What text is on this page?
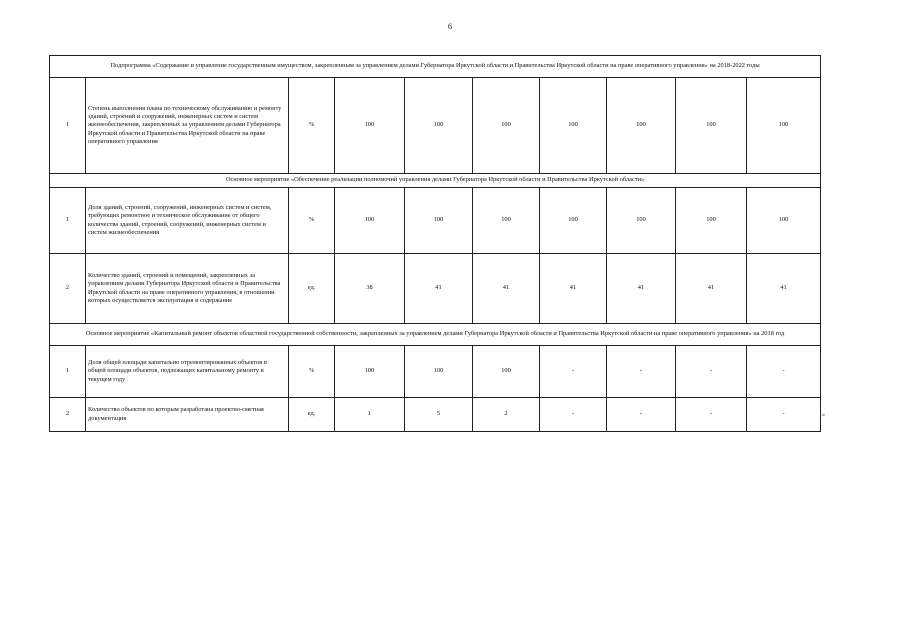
6
Подпрограмма «Содержание и управление государственным имуществом, закрепленным за управлением делами Губернатора Иркутской области и Правительства Иркутской области на праве оперативного управления» на 2018-2022 годы									
1	Степень выполнения плана по техническому обслуживанию и ремонту зданий, строений и сооружений, инженерных систем и систем жизнеобеспечения, закрепленных за управлением делами Губернатора Иркутской области и Правительства Иркутской области на праве оперативного управления	%	100	100	100	100	100	100	100
Основное мероприятие «Обеспечение реализации полномочий управления делами Губернатора Иркутской области и Правительства Иркутской области»									
1	Доля зданий, строений, сооружений, инженерных систем и систем, требующих ремонтное и техническое обслуживание от общего количества зданий, строений, сооружений, инженерных систем и систем жизнеобеспечения	%	100	100	100	100	100	100	100
2	Количество зданий, строений и помещений, закрепленных за управлением делами Губернатора Иркутской области и Правительства Иркутской области на праве оперативного управления, в отношении которых осуществляется эксплуатация и содержание	ед.	38	41	41	41	41	41	41
Основное мероприятие «Капитальный ремонт объектов областной государственной собственности, закрепленных за управлением делами Губернатора Иркутской области и Правительства Иркутской области на праве оперативного управления» на 2018 год									
1	Доля общей площади капитально отремонтированных объектов в общей площади объектов, подлежащих капитальному ремонту в текущем году	%	100	100	100	-	-	-	-
2	Количество объектов по которым разработана проектно-сметная документация	ед.	1	5	2	-	-	-	-	»
